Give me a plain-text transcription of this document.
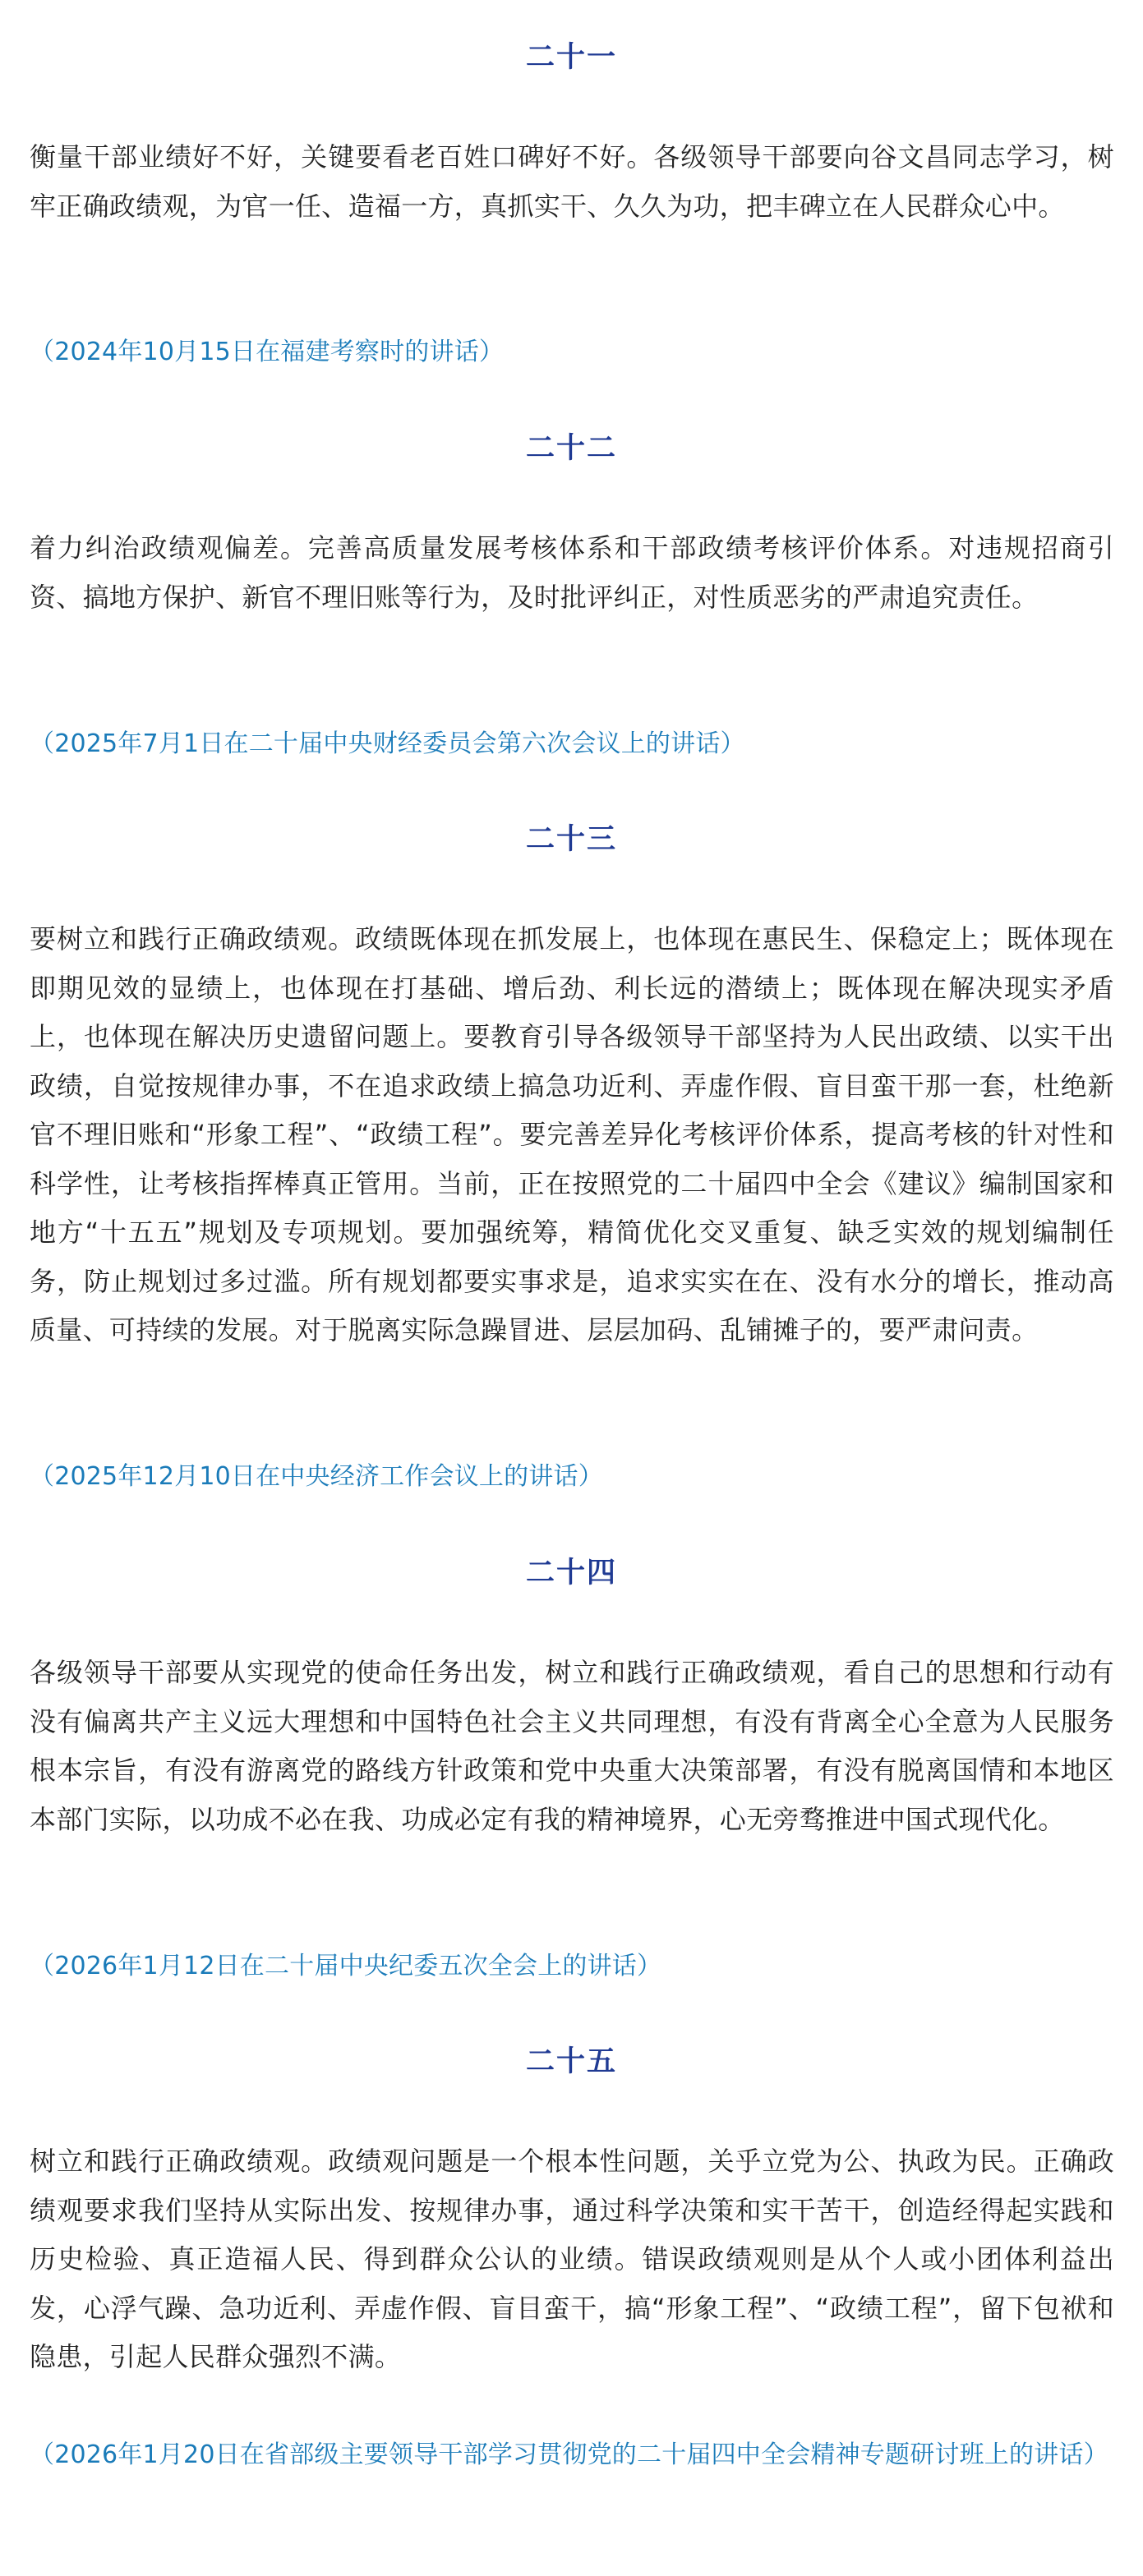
二十一
衡量干部业绩好不好，关键要看老百姓口碑好不好。各级领导干部要向谷文昌同志学习，树牢正确政绩观，为官一任、造福一方，真抓实干、久久为功，把丰碑立在人民群众心中。
（2024年10月15日在福建考察时的讲话）
二十二
着力纠治政绩观偏差。完善高质量发展考核体系和干部政绩考核评价体系。对违规招商引资、搞地方保护、新官不理旧账等行为，及时批评纠正，对性质恶劣的严肃追究责任。
（2025年7月1日在二十届中央财经委员会第六次会议上的讲话）
二十三
要树立和践行正确政绩观。政绩既体现在抓发展上，也体现在惠民生、保稳定上；既体现在即期见效的显绩上，也体现在打基础、增后劲、利长远的潜绩上；既体现在解决现实矛盾上，也体现在解决历史遗留问题上。要教育引导各级领导干部坚持为人民出政绩、以实干出政绩，自觉按规律办事，不在追求政绩上搞急功近利、弄虚作假、盲目蛮干那一套，杜绝新官不理旧账和“形象工程”、“政绩工程”。要完善差异化考核评价体系，提高考核的针对性和科学性，让考核指挥棒真正管用。当前，正在按照党的二十届四中全会《建议》编制国家和地方“十五五”规划及专项规划。要加强统筹，精简优化交叉重复、缺乏实效的规划编制任务，防止规划过多过滥。所有规划都要实事求是，追求实实在在、没有水分的增长，推动高质量、可持续的发展。对于脱离实际急躁冒进、层层加码、乱铺摊子的，要严肃问责。
（2025年12月10日在中央经济工作会议上的讲话）
二十四
各级领导干部要从实现党的使命任务出发，树立和践行正确政绩观，看自己的思想和行动有没有偏离共产主义远大理想和中国特色社会主义共同理想，有没有背离全心全意为人民服务根本宗旨，有没有游离党的路线方针政策和党中央重大决策部署，有没有脱离国情和本地区本部门实际，以功成不必在我、功成必定有我的精神境界，心无旁骛推进中国式现代化。
（2026年1月12日在二十届中央纪委五次全会上的讲话）
二十五
树立和践行正确政绩观。政绩观问题是一个根本性问题，关乎立党为公、执政为民。正确政绩观要求我们坚持从实际出发、按规律办事，通过科学决策和实干苦干，创造经得起实践和历史检验、真正造福人民、得到群众公认的业绩。错误政绩观则是从个人或小团体利益出发，心浮气躁、急功近利、弄虚作假、盲目蛮干，搞“形象工程”、“政绩工程”，留下包袱和隐患，引起人民群众强烈不满。
（2026年1月20日在省部级主要领导干部学习贯彻党的二十届四中全会精神专题研讨班上的讲话）
